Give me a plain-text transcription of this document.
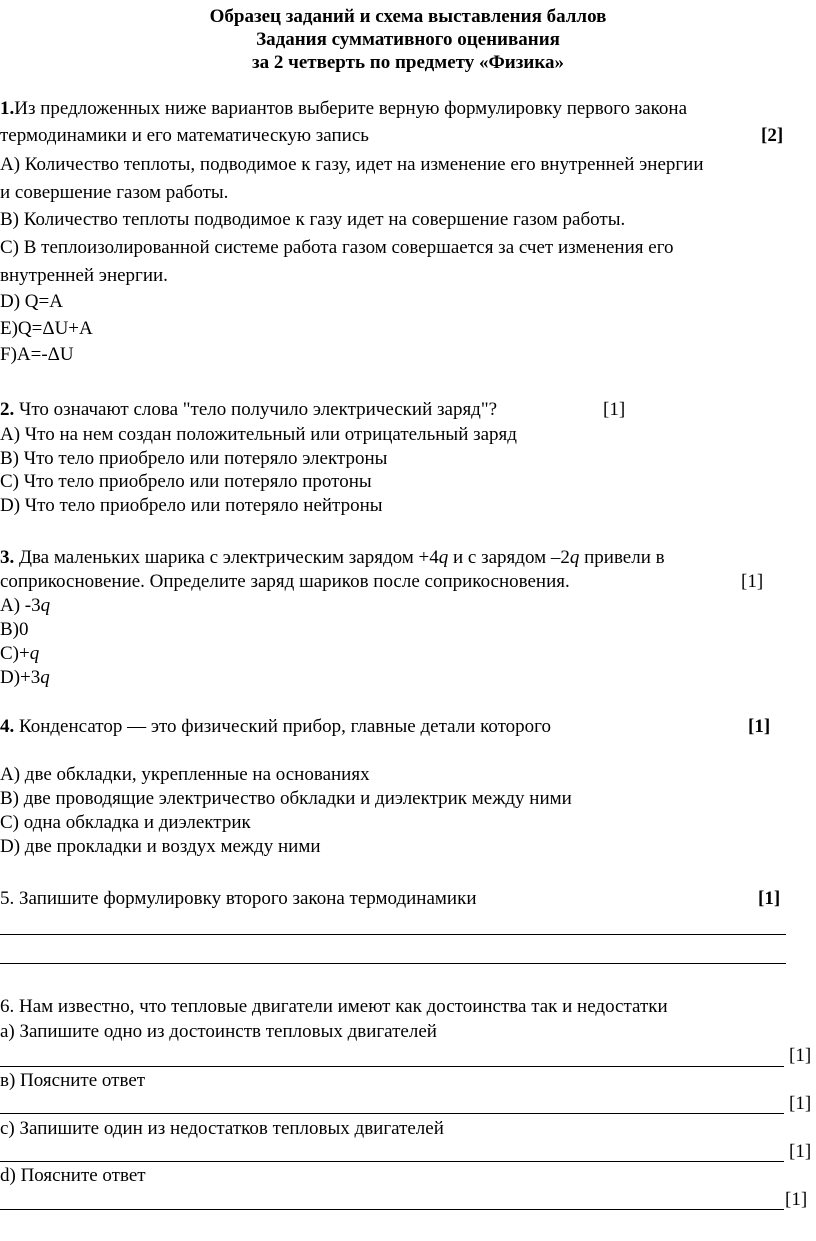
Образец заданий и схема выставления баллов
Задания суммативного оценивания
за 2 четверть по предмету «Физика»
1.Из предложенных ниже вариантов выберите верную формулировку первого закона
термодинамики и его математическую запись	[2]
A) Количество теплоты, подводимое к газу, идет на изменение его внутренней энергии
и совершение газом работы.
B) Количество теплоты подводимое к газу идет на совершение газом работы.
C) В теплоизолированной системе работа газом совершается за счет изменения его
внутренней энергии.
D) Q=A
E)Q=ΔU+A
F)A=-ΔU
2. Что означают слова "тело получило электрический заряд"?	[1]
A) Что на нем создан положительный или отрицательный заряд
B) Что тело приобрело или потеряло электроны
C) Что тело приобрело или потеряло протоны
D) Что тело приобрело или потеряло нейтроны
3. Два маленьких шарика с электрическим зарядом +4q и с зарядом –2q привели в
соприкосновение. Определите заряд шариков после соприкосновения.	[1]
A) -3q
B)0
C)+q
D)+3q
4. Конденсатор — это физический прибор, главные детали которого	[1]
A) две обкладки, укрепленные на основаниях
B) две проводящие электричество обкладки и диэлектрик между ними
C) одна обкладка и диэлектрик
D) две прокладки и воздух между ними
5. Запишите формулировку второго закона термодинамики	[1]
6. Нам известно, что тепловые двигатели имеют как достоинства так и недостатки
a) Запишите одно из достоинств тепловых двигателей
[1]
в) Поясните ответ
[1]
c) Запишите один из недостатков тепловых двигателей
[1]
d) Поясните ответ
[1]
